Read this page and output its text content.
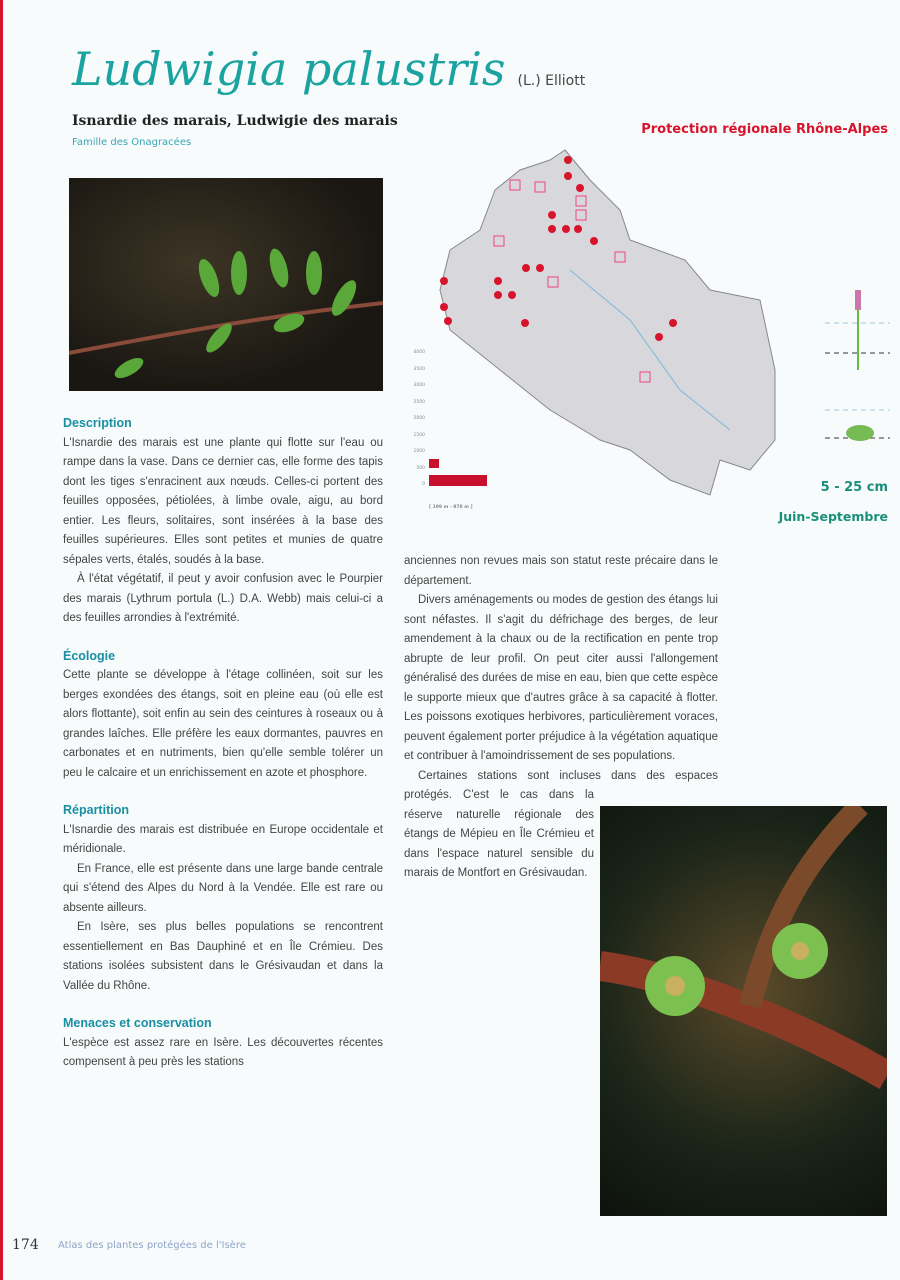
Ludwigia palustris (L.) Elliott
Isnardie des marais, Ludwigie des marais
Famille des Onagracées
Protection régionale Rhône-Alpes
4000
3500
3000
2500
2000
1500
1000
500
0
[ 199 m - 878 m ]
5 - 25 cm
Juin-Septembre
Description

L'Isnardie des marais est une plante qui flotte sur l'eau ou rampe dans la vase. Dans ce dernier cas, elle forme des tapis dont les tiges s'enracinent aux nœuds. Celles-ci portent des feuilles opposées, pétiolées, à limbe ovale, aigu, au bord entier. Les fleurs, solitaires, sont insérées à la base des feuilles supérieures. Elles sont petites et munies de quatre sépales verts, étalés, soudés à la base.

À l'état végétatif, il peut y avoir confusion avec le Pourpier des marais (Lythrum portula (L.) D.A. Webb) mais celui-ci a des feuilles arrondies à l'extrémité.

Écologie

Cette plante se développe à l'étage collinéen, soit sur les berges exondées des étangs, soit en pleine eau (où elle est alors flottante), soit enfin au sein des ceintures à roseaux ou à grandes laîches. Elle préfère les eaux dormantes, pauvres en carbonates et en nutriments, bien qu'elle semble tolérer un peu le calcaire et un enrichissement en azote et phosphore.

Répartition

L'Isnardie des marais est distribuée en Europe occidentale et méridionale.

En France, elle est présente dans une large bande centrale qui s'étend des Alpes du Nord à la Vendée. Elle est rare ou absente ailleurs.

En Isère, ses plus belles populations se rencontrent essentiellement en Bas Dauphiné et en Île Crémieu. Des stations isolées subsistent dans le Grésivaudan et dans la Vallée du Rhône.

Menaces et conservation

L'espèce est assez rare en Isère. Les découvertes récentes compensent à peu près les stations

anciennes non revues mais son statut reste précaire dans le département.

Divers aménagements ou modes de gestion des étangs lui sont néfastes. Il s'agit du défrichage des berges, de leur amendement à la chaux ou de la rectification en pente trop abrupte de leur profil. On peut citer aussi l'allongement généralisé des durées de mise en eau, bien que cette espèce le supporte mieux que d'autres grâce à sa capacité à flotter. Les poissons exotiques herbivores, particulièrement voraces, peuvent également porter préjudice à la végétation aquatique et contribuer à l'amoindrissement de ses populations.

Certaines stations sont incluses dans des espaces protégés. C'est le cas dans la réserve naturelle régionale des étangs de Mépieu en Île Crémieu et dans l'espace naturel sensible du marais de Montfort en Grésivaudan.

174 Atlas des plantes protégées de l'Isère
